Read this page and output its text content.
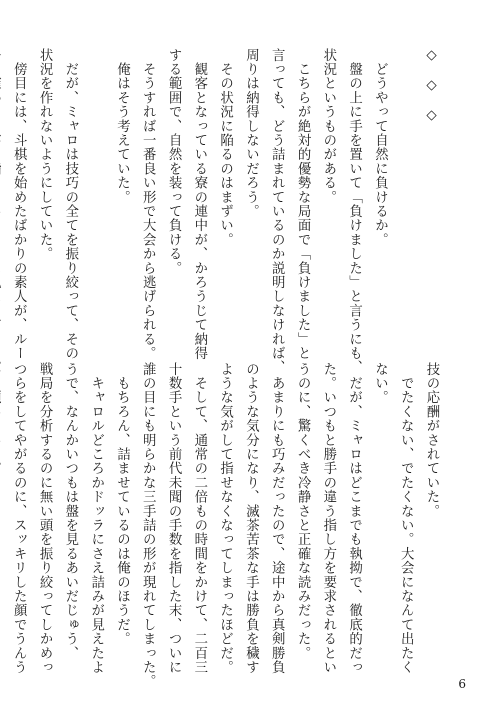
◇　◇　◇
　どうやって自然に負けるか。
　盤の上に手を置いて「負けました」と言うにも、
状況というものがある。
　こちらが絶対的優勢な局面で「負けました」と
言っても、どう詰まれているのか説明しなければ、
周りは納得しないだろう。
　その状況に陥るのはまずい。
　観客となっている寮の連中が、かろうじて納得
する範囲で、自然を装って負ける。
　そうすれば一番良い形で大会から逃げられる。
　俺はそう考えていた。
　だが、ミャロは技巧の全てを振り絞って、その
状況を作れないようにしていた。
　傍目には、斗棋を始めたばかりの素人が、ルー
技の応酬がされていた。
　でたくない、でたくない。大会になんて出たく
ない。
　だが、ミャロはどこまでも執拗で、徹底的だっ
た。いつもと勝手の違う指し方を要求されるとい
うのに、驚くべき冷静さと正確な読みだった。
　あまりにも巧みだったので、途中から真剣勝負
のような気分になり、滅茶苦茶な手は勝負を穢す
ような気がして指せなくなってしまったほどだ。
　そして、通常の二倍もの時間をかけて、二百三
十数手という前代未聞の手数を指した末、ついに
誰の目にも明らかな三手詰の形が現れてしまった。
　もちろん、詰ませているのは俺のほうだ。
　キャロルどころかドッラにさえ詰みが見えたよ
うで、なんかいつもは盤を見るあいだじゅう、
戦局を分析するのに無い頭を振り絞ってしかめっ
つらをしてやがるのに、スッキリした顔でうんう
6
